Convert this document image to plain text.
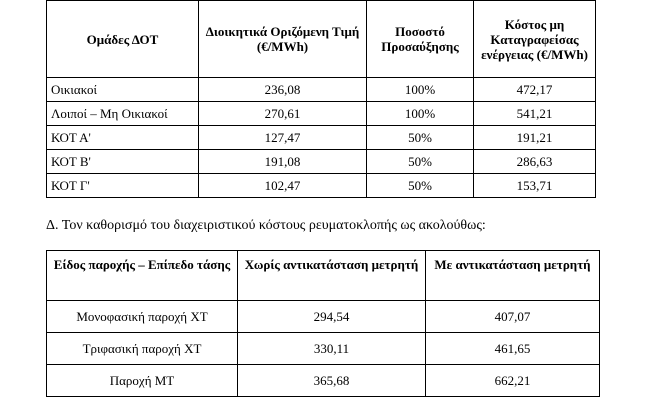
Ομάδες ΔΟΤ	Διοικητικά Οριζόμενη Τιμή (€/MWh)	Ποσοστό Προσαύξησης	Κόστος μη Καταγραφείσας ενέργειας (€/MWh)
Οικιακοί	236,08	100%	472,17
Λοιποί – Μη Οικιακοί	270,61	100%	541,21
ΚΟΤ Α'	127,47	50%	191,21
ΚΟΤ Β'	191,08	50%	286,63
ΚΟΤ Γ'	102,47	50%	153,71
Δ. Τον καθορισμό του διαχειριστικού κόστους ρευματοκλοπής ως ακολούθως:
Είδος παροχής – Επίπεδο τάσης	Χωρίς αντικατάσταση μετρητή	Με αντικατάσταση μετρητή
Μονοφασική παροχή ΧΤ	294,54	407,07
Τριφασική παροχή ΧΤ	330,11	461,65
Παροχή ΜΤ	365,68	662,21
